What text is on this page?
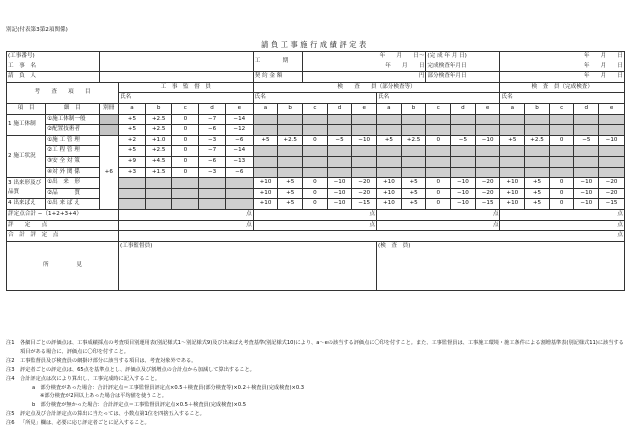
別記(付表第3第2項関係)
請負工事施行成績評定表
(工事番号)								工　　　　期		年　　月　　日～					(完 成 年 月 日)			年　　月　　日				
工　事　名										年　　月　　日					完成検査年月日			年　　月　　日				
請　負　人								契 約 金 額		円					部分検査年月日			年　　月　　日				
考　　査　　項　　目			工　事　監　督　員					検　　査　　員（部分検査等）										検　査　員（完成検査）				
			氏名					氏名					氏名					氏名				
項　目	細　目	別冊	a	b	c	d	e	a	b	c	d	e	a	b	c	d	e	a	b	c	d	e
1 施工体制	①施工体制一般		+5	+2.5	0	−7	−14															
	②配置技術者		+5	+2.5	0	−6	−12															
2 施工状況	①施 工 管 理	+6	+2	+1.0	0	−3	−6	+5	+2.5	0	−5	−10	+5	+2.5	0	−5	−10	+5	+2.5	0	−5	−10
	②工 程 管 理		+5	+2.5	0	−7	−14															
	③安 全 対 策		+9	+4.5	0	−6	−13															
	④対 外 関 係		+3	+1.5	0	−3	−6															
3 出来形及び品質	①出　来　形							+10	+5	0	−10	−20	+10	+5	0	−10	−20	+10	+5	0	−10	−20
	②品　　　質							+10	+5	0	−10	−20	+10	+5	0	−10	−20	+10	+5	0	−10	−20
4 出来ばえ	①出 来 ば え							+10	+5	0	−10	−15	+10	+5	0	−10	−15	+10	+5	0	−10	−15
評定点合計 −（1+2+3+4）			点					点					点					点				
評　　定　　点			点					点					点					点				
合　計　評　定　点			点																			
所　　　　　見			(工事監督員)										(検　査　員)									

注1	各細目ごとの評価点は、工事成績採点の考査項目別運用表(別記様式1～別記様式9)及び出来ばえ考査基準(別記様式10)により、a～eの該当する評価点に〇印を付すこと。また、工事監督員は、工事施工環境・施工条件による割増基準表(別記様式11)に該当する項目がある場合に、評価点に〇印を付すこと。
注2	工事監督員及び検査員の網掛け部分に該当する項目は、考査対象外である。
注3	評定者ごとの評定点は、65点を基準点とし、評価点及び割増点の合計点から加減して算出すること。
注4	合計評定点は次により算出し、工事完成時に記入すること。
a　部分検査があった場合：合計評定点＝工事監督員評定点×0.5＋検査員(部分検査等)×0.2＋検査員(完成検査)×0.3
※部分検査が2回以上あった場合は平均値を使うこと。
b　部分検査が無かった場合：合計評定点＝工事監督員評定点×0.5＋検査員(完成検査)×0.5
注5	評定点及び合計評定点の算出に当たっては、小数点第1位を四捨五入すること。
注6	「所見」欄は、必要に応じ評定者ごとに記入すること。
